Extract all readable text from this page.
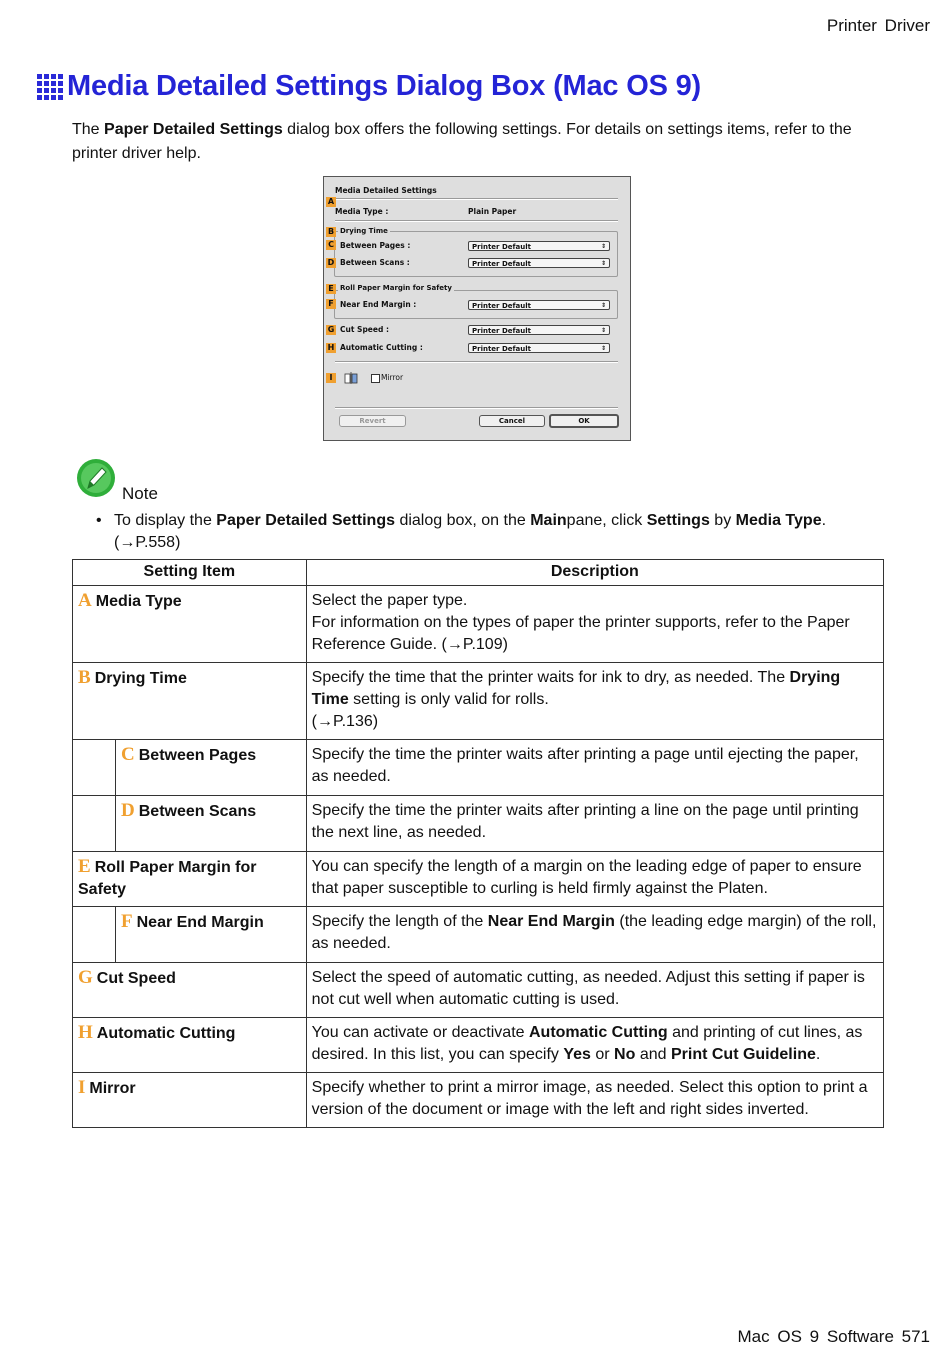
Printer Driver
Media Detailed Settings Dialog Box (Mac OS 9)
The Paper Detailed Settings dialog box offers the following settings. For details on settings items, refer to the printer driver help.
Media Detailed Settings
A
Media Type :	Plain Paper
B Drying Time
C Between Pages :	Printer Default	⇕
D Between Scans :	Printer Default	⇕
E Roll Paper Margin for Safety
F Near End Margin :	Printer Default	⇕
G Cut Speed :	Printer Default	⇕
H Automatic Cutting :	Printer Default	⇕
I	Mirror
Revert	Cancel	OK
Note
• To display the Paper Detailed Settings dialog box, on the Mainpane, click Settings by Media Type.
(→P.558)
Setting Item	Description
A Media Type	Select the paper type.
For information on the types of paper the printer supports, refer to the Paper Reference Guide. (→P.109)
B Drying Time	Specify the time that the printer waits for ink to dry, as needed. The Drying Time setting is only valid for rolls.
(→P.136)

C Between Pages	Specify the time the printer waits after printing a page until ejecting the paper, as needed.

D Between Scans	Specify the time the printer waits after printing a line on the page until printing the next line, as needed.
E Roll Paper Margin for Safety	You can specify the length of a margin on the leading edge of paper to ensure that paper susceptible to curling is held firmly against the Platen.

F Near End Margin	Specify the length of the Near End Margin (the leading edge margin) of the roll, as needed.
G Cut Speed	Select the speed of automatic cutting, as needed. Adjust this setting if paper is not cut well when automatic cutting is used.
H Automatic Cutting	You can activate or deactivate Automatic Cutting and printing of cut lines, as desired. In this list, you can specify Yes or No and Print Cut Guideline.
I Mirror	Specify whether to print a mirror image, as needed. Select this option to print a version of the document or image with the left and right sides inverted.
Mac OS 9 Software 571
